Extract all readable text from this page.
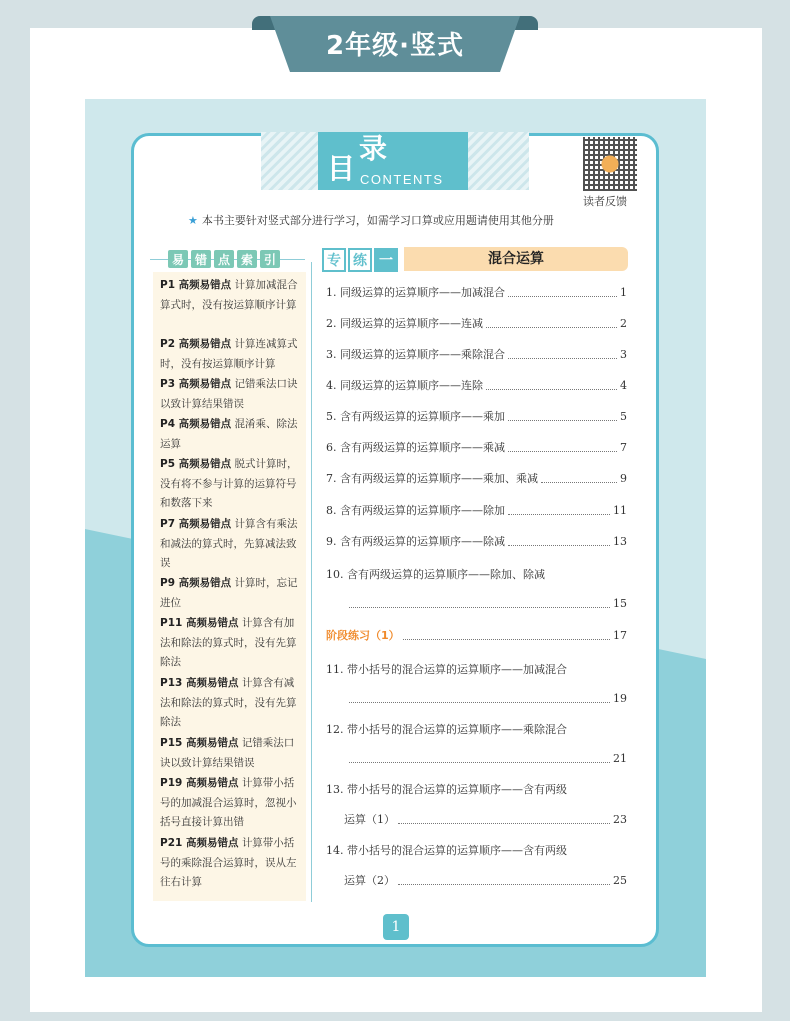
2年级·竖式
目
录
CONTENTS
读者反馈
★ 本书主要针对竖式部分进行学习，如需学习口算或应用题请使用其他分册
易 错 点 索 引
P1 高频易错点 计算加减混合算式时，没有按运算顺序计算
P2 高频易错点 计算连减算式时，没有按运算顺序计算
P3 高频易错点 记错乘法口诀以致计算结果错误
P4 高频易错点 混淆乘、除法运算
P5 高频易错点 脱式计算时，没有将不参与计算的运算符号和数落下来
P7 高频易错点 计算含有乘法和减法的算式时，先算减法致误
P9 高频易错点 计算时，忘记进位
P11 高频易错点 计算含有加法和除法的算式时，没有先算除法
P13 高频易错点 计算含有减法和除法的算式时，没有先算除法
P15 高频易错点 记错乘法口诀以致计算结果错误
P19 高频易错点 计算带小括号的加减混合运算时，忽视小括号直接计算出错
P21 高频易错点 计算带小括号的乘除混合运算时，误从左往右计算
专 练 一	混合运算
1. 同级运算的运算顺序——加减混合	1
2. 同级运算的运算顺序——连减	2
3. 同级运算的运算顺序——乘除混合	3
4. 同级运算的运算顺序——连除	4
5. 含有两级运算的运算顺序——乘加	5
6. 含有两级运算的运算顺序——乘减	7
7. 含有两级运算的运算顺序——乘加、乘减	9
8. 含有两级运算的运算顺序——除加	11
9. 含有两级运算的运算顺序——除减	13
10. 含有两级运算的运算顺序——除加、除减
15
阶段练习（1）	17
11. 带小括号的混合运算的运算顺序——加减混合
19
12. 带小括号的混合运算的运算顺序——乘除混合
21
13. 带小括号的混合运算的运算顺序——含有两级
运算（1）	23
14. 带小括号的混合运算的运算顺序——含有两级
运算（2）	25
1
